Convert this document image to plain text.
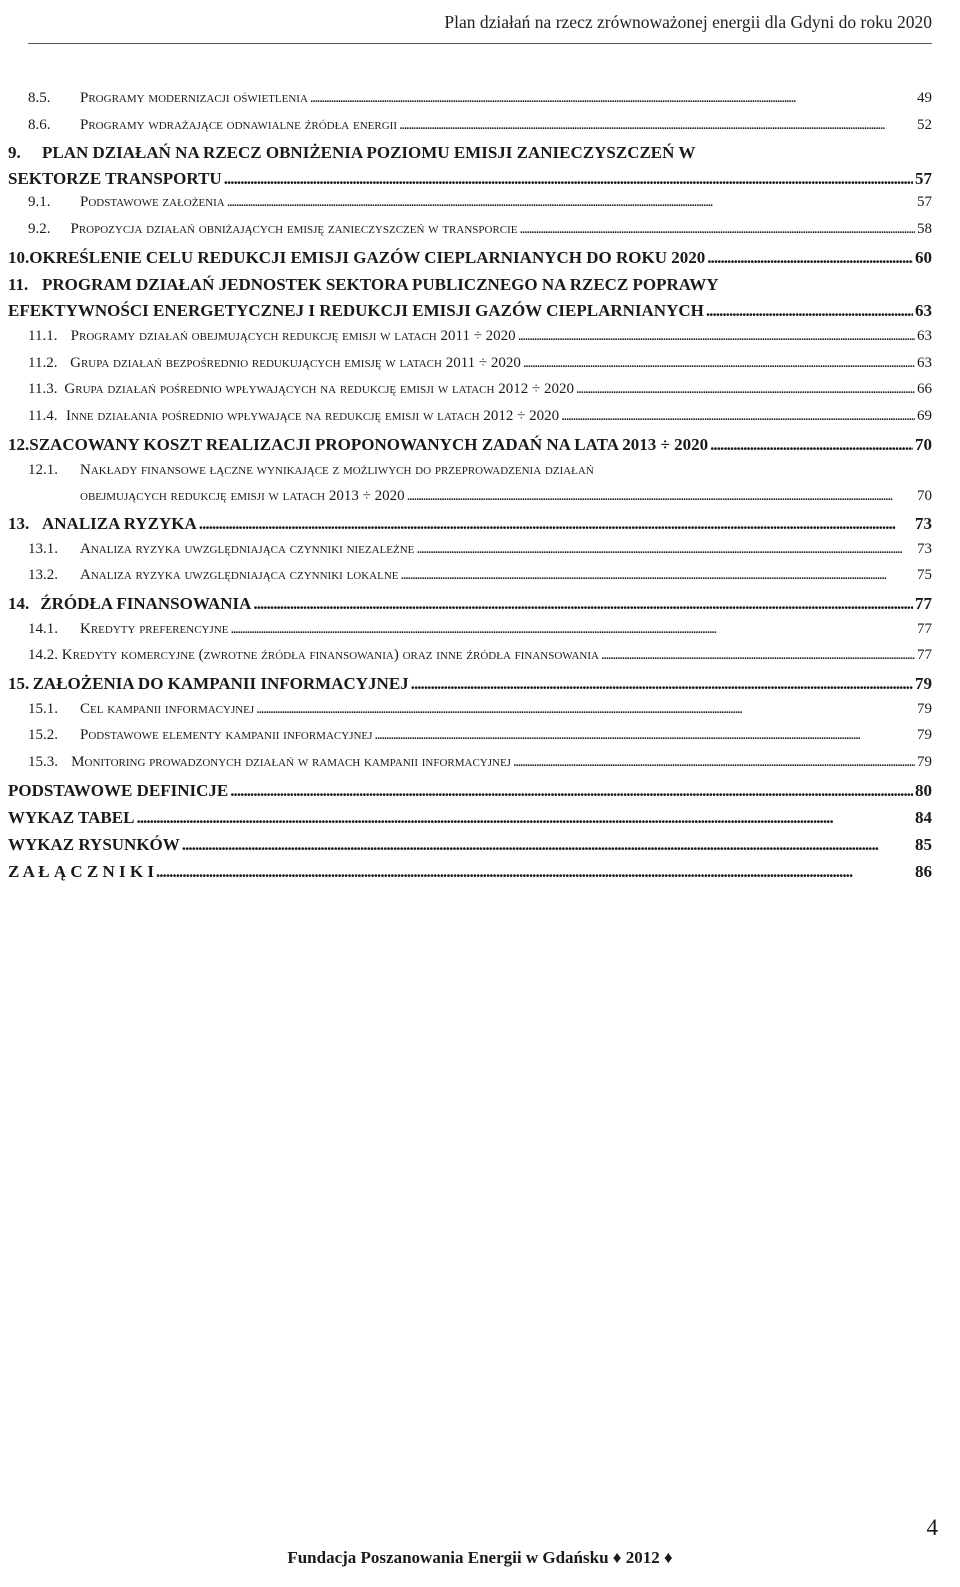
Plan działań na rzecz zrównoważonej energii dla Gdyni do roku 2020
8.5.	Programy modernizacji oświetlenia . . .	49
8.6.	Programy wdrażające odnawialne źródła energii . . .	52
9.	PLAN DZIAŁAŃ NA RZECZ OBNIŻENIA POZIOMU EMISJI ZANIECZYSZCZEŃ W
SEKTORZE TRANSPORTU . . .	57
9.1.	Podstawowe założenia . . .	57
9.2.	Propozycja działań obniżających emisję zanieczyszczeń w transporcie . . .	58
10. OKREŚLENIE CELU REDUKCJI EMISJI GAZÓW CIEPLARNIANYCH DO ROKU 2020 . . .	60
11. PROGRAM DZIAŁAŃ JEDNOSTEK SEKTORA PUBLICZNEGO NA RZECZ POPRAWY
EFEKTYWNOŚCI ENERGETYCZNEJ I REDUKCJI EMISJI GAZÓW CIEPLARNIANYCH . . .	63
11.1. Programy działań obejmujących redukcję emisji w latach 2011 ÷ 2020 . . .	63
11.2. Grupa działań bezpośrednio redukujących emisję w latach 2011 ÷ 2020 . . .	63
11.3. Grupa działań pośrednio wpływających na redukcję emisji w latach 2012 ÷ 2020 . . .	66
11.4. Inne działania pośrednio wpływające na redukcję emisji w latach 2012 ÷ 2020 . . .	69
12. SZACOWANY KOSZT REALIZACJI PROPONOWANYCH ZADAŃ NA LATA 2013 ÷ 2020 . . .	70
12.1.	Nakłady finansowe łączne wynikające z możliwych do przeprowadzenia działań
obejmujących redukcję emisji w latach 2013 ÷ 2020 . . .	70
13. ANALIZA RYZYKA . . .	73
13.1.	Analiza ryzyka uwzględniająca czynniki niezależne . . .	73
13.2.	Analiza ryzyka uwzględniająca czynniki lokalne . . .	75
14. ŹRÓDŁA FINANSOWANIA . . .	77
14.1.	Kredyty preferencyjne . . .	77
14.2. Kredyty komercyjne (zwrotne źródła finansowania) oraz inne źródła finansowania . . .	77
15. ZAŁOŻENIA DO KAMPANII INFORMACYJNEJ . . .	79
15.1.	Cel kampanii informacyjnej . . .	79
15.2.	Podstawowe elementy kampanii informacyjnej . . .	79
15.3. Monitoring prowadzonych działań w ramach kampanii informacyjnej . . .	79
PODSTAWOWE DEFINICJE . . .	80
WYKAZ TABEL . . .	84
WYKAZ RYSUNKÓW . . .	85
Z A Ł Ą C Z N I K I . . .	86
4
Fundacja Poszanowania Energii w Gdańsku ♦ 2012 ♦
